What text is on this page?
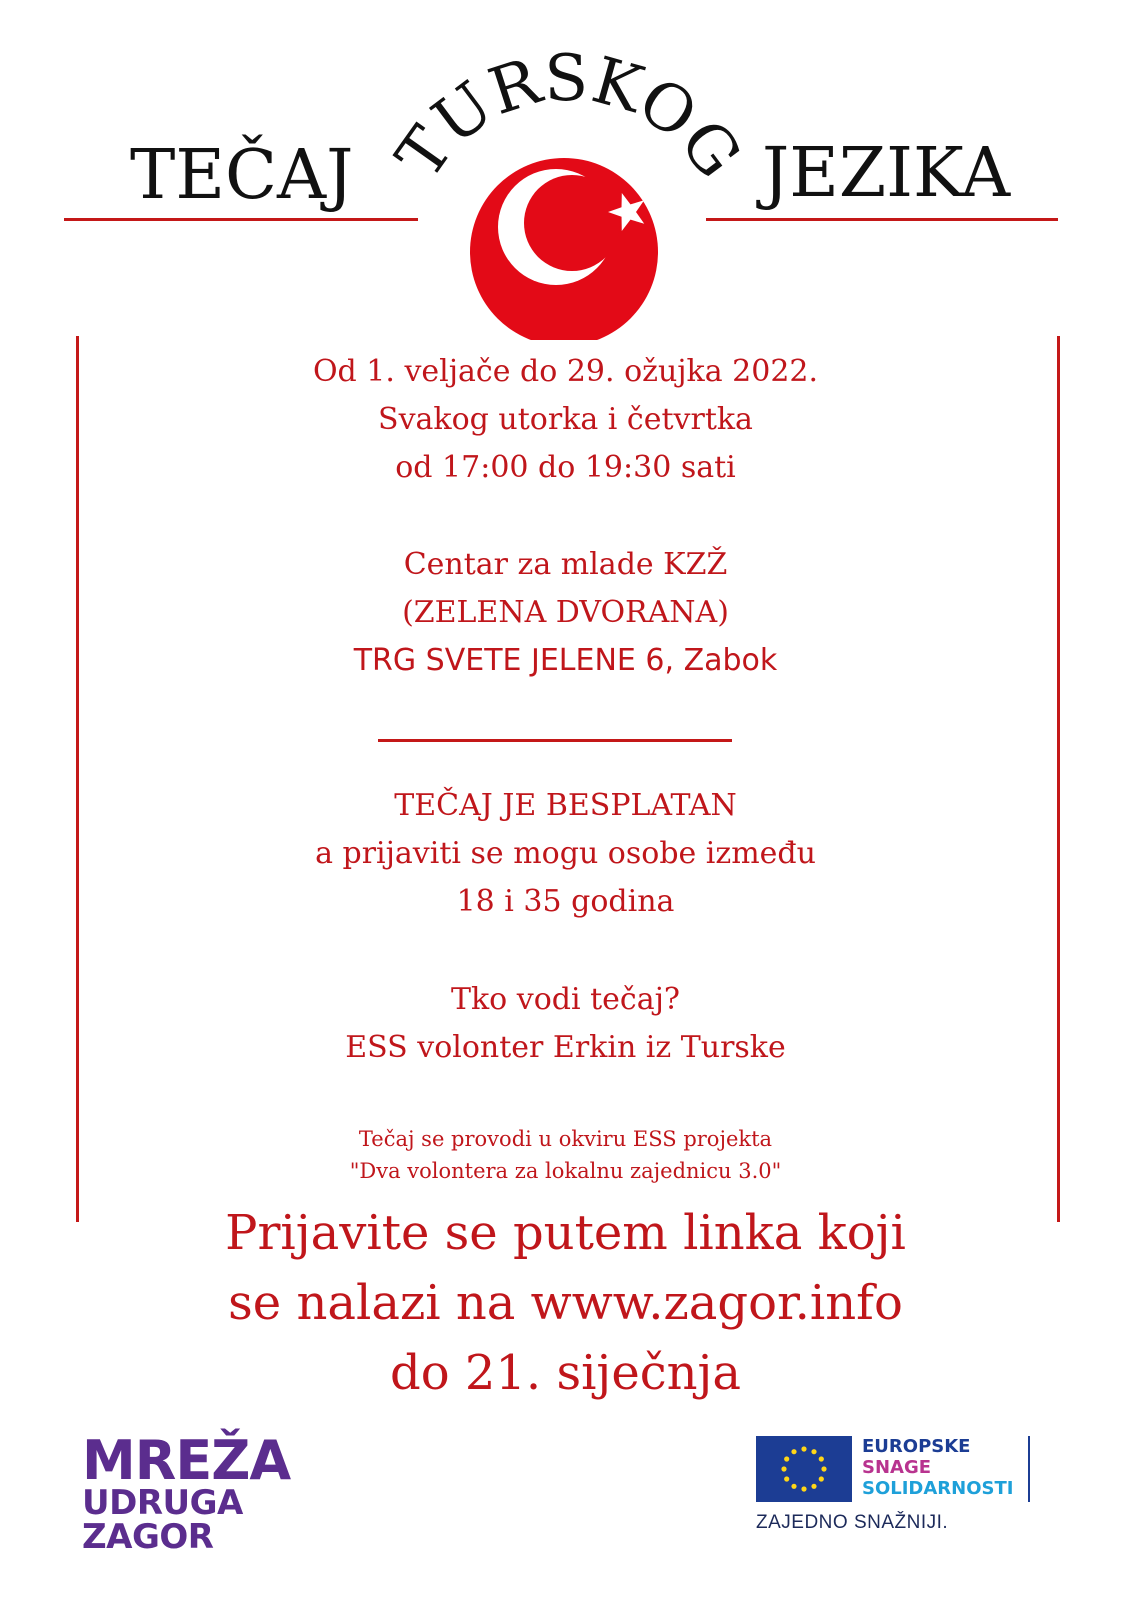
TEČAJ	JEZIKA
TURSKOG
Od 1. veljače do 29. ožujka 2022.
Svakog utorka i četvrtka
od 17:00 do 19:30 sati
Centar za mlade KZŽ
(ZELENA DVORANA)
TRG SVETE JELENE 6, Zabok
TEČAJ JE BESPLATAN
a prijaviti se mogu osobe između
18 i 35 godina
Tko vodi tečaj?
ESS volonter Erkin iz Turske
Tečaj se provodi u okviru ESS projekta
"Dva volontera za lokalnu zajednicu 3.0"
Prijavite se putem linka koji
se nalazi na www.zagor.info
do 21. siječnja
MREŽA
UDRUGA
ZAGOR
EUROPSKE
SNAGE
SOLIDARNOSTI
ZAJEDNO SNAŽNIJI.
